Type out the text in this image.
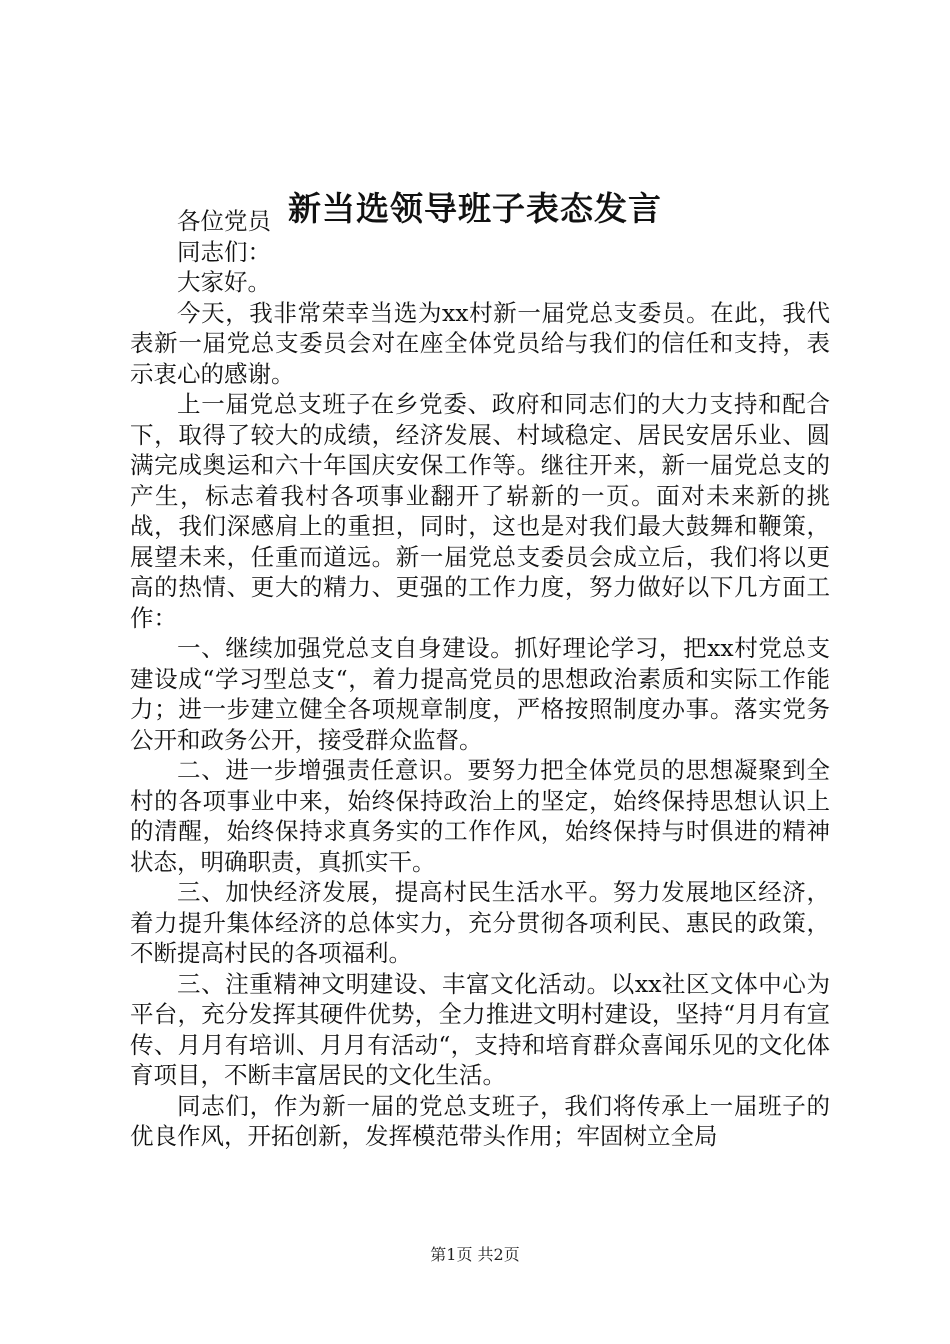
新当选领导班子表态发言

各位党员

同志们：

大家好。

今天，我非常荣幸当选为xx村新一届党总支委员。在此，我代表新一届党总支委员会对在座全体党员给与我们的信任和支持，表示衷心的感谢。

上一届党总支班子在乡党委、政府和同志们的大力支持和配合下，取得了较大的成绩，经济发展、村域稳定、居民安居乐业、圆满完成奥运和六十年国庆安保工作等。继往开来，新一届党总支的产生，标志着我村各项事业翻开了崭新的一页。面对未来新的挑战，我们深感肩上的重担，同时，这也是对我们最大鼓舞和鞭策，展望未来，任重而道远。新一届党总支委员会成立后，我们将以更高的热情、更大的精力、更强的工作力度，努力做好以下几方面工作：

一、继续加强党总支自身建设。抓好理论学习，把xx村党总支建设成“学习型总支“，着力提高党员的思想政治素质和实际工作能力；进一步建立健全各项规章制度，严格按照制度办事。落实党务公开和政务公开，接受群众监督。

二、进一步增强责任意识。要努力把全体党员的思想凝聚到全村的各项事业中来，始终保持政治上的坚定，始终保持思想认识上的清醒，始终保持求真务实的工作作风，始终保持与时俱进的精神状态，明确职责，真抓实干。

三、加快经济发展，提高村民生活水平。努力发展地区经济，着力提升集体经济的总体实力，充分贯彻各项利民、惠民的政策，不断提高村民的各项福利。

三、注重精神文明建设、丰富文化活动。以xx社区文体中心为平台，充分发挥其硬件优势，全力推进文明村建设，坚持“月月有宣传、月月有培训、月月有活动“，支持和培育群众喜闻乐见的文化体育项目，不断丰富居民的文化生活。

同志们，作为新一届的党总支班子，我们将传承上一届班子的优良作风，开拓创新，发挥模范带头作用；牢固树立全局

第1页 共2页
